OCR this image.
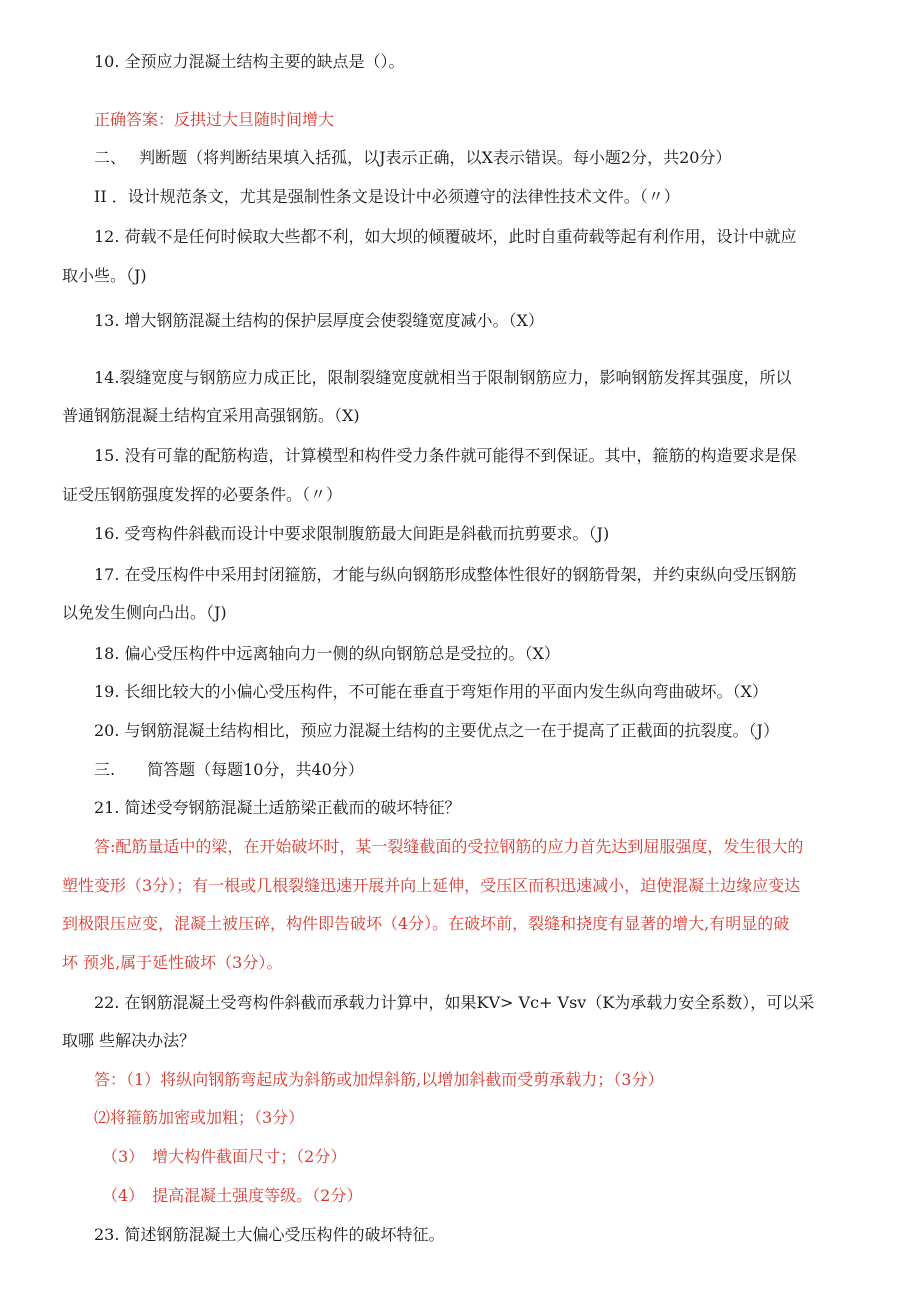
10. 全预应力混凝土结构主要的缺点是（）。
正确答案：反拱过大旦随时间增大
二、　 判断题（将判断结果填入括孤，以J表示正确，以X表示错误。每小题2分，共20分）
II ．设计规范条文，尤其是强制性条文是设计中必须遵守的法律性技术文件。（〃）
12. 荷载不是任何时候取大些都不利，如大坝的倾覆破坏，此时自重荷载等起有利作用，设计中就应
取小些。（J)
13. 增大钢筋混凝土结构的保护层厚度会使裂缝宽度减小。（X）
14.裂缝宽度与钢筋应力成正比，限制裂缝宽度就相当于限制钢筋应力，影响钢筋发挥其强度，所以
普通钢筋混凝土结构宜采用高强钢筋。（X)
15. 没有可靠的配筋构造，计算模型和构件受力条件就可能得不到保证。其中，箍筋的构造要求是保
证受压钢筋强度发挥的必要条件。（〃）
16. 受弯构件斜截而设计中要求限制腹筋最大间距是斜截而抗剪要求。（J)
17. 在受压构件中采用封闭箍筋，才能与纵向钢筋形成整体性很好的钢筋骨架，并约束纵向受压钢筋
以免发生侧向凸出。（J)
18. 偏心受压构件中远离轴向力一侧的纵向钢筋总是受拉的。（X）
19. 长细比较大的小偏心受压构件，不可能在垂直于弯矩作用的平面内发生纵向弯曲破坏。（X）
20. 与钢筋混凝土结构相比，预应力混凝土结构的主要优点之一在于提高了正截面的抗裂度。（J）
三.　　简答题（每题10分，共40分）
21. 简述受夸钢筋混凝土适筋梁正截而的破坏特征？
答:配筋量适中的梁，在开始破坏时，某一裂缝截面的受拉钢筋的应力首先达到屈服强度，发生很大的
塑性变形（3分）；有一根或几根裂缝迅速开展并向上延伸，受压区而积迅速减小，迫使混凝土边缘应变达
到极限压应变，混凝土被压碎，构件即告破坏（4分）。在破坏前，裂缝和挠度有显著的增大,有明显的破
坏 预兆,属于延性破坏（3分）。
22. 在钢筋混凝土受弯构件斜截而承载力计算中，如果KV> Vc+ Vsv（K为承载力安全系数），可以采
取哪 些解决办法？
答：（1）将纵向钢筋弯起成为斜筋或加焊斜筋,以增加斜截而受剪承载力；（3分）
⑵将箍筋加密或加粗；（3分）
（3）　增大构件截面尺寸；（2分）
（4）　提高混凝土强度等级。（2分）
23. 简述钢筋混凝土大偏心受压构件的破坏特征。
